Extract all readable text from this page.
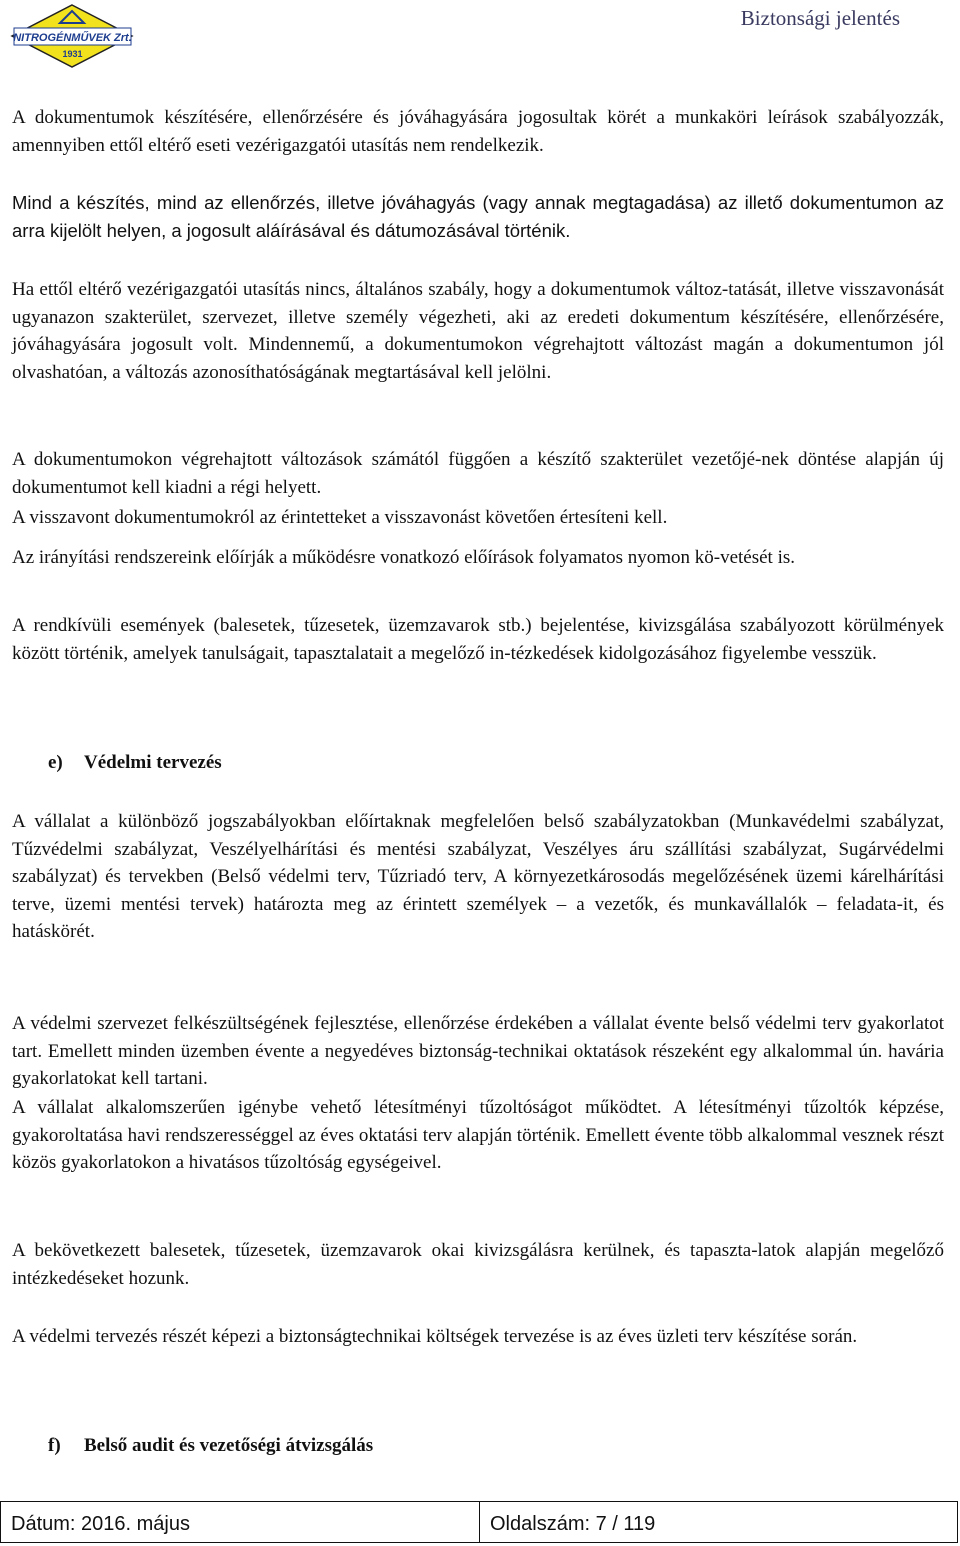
NITROGÉNMŰVEK Zrt.
1931
Biztonsági jelentés

A dokumentumok készítésére, ellenőrzésére és jóváhagyására jogosultak körét a munkaköri leírások szabályozzák, amennyiben ettől eltérő eseti vezérigazgatói utasítás nem rendelkezik.

Mind a készítés, mind az ellenőrzés, illetve jóváhagyás (vagy annak megtagadása) az illető dokumentumon az arra kijelölt helyen, a jogosult aláírásával és dátumozásával történik.

Ha ettől eltérő vezérigazgatói utasítás nincs, általános szabály, hogy a dokumentumok változ-tatását, illetve visszavonását ugyanazon szakterület, szervezet, illetve személy végezheti, aki az eredeti dokumentum készítésére, ellenőrzésére, jóváhagyására jogosult volt. Mindennemű, a dokumentumokon végrehajtott változást magán a dokumentumon jól olvashatóan, a változás azonosíthatóságának megtartásával kell jelölni.

A dokumentumokon végrehajtott változások számától függően a készítő szakterület vezetőjé-nek döntése alapján új dokumentumot kell kiadni a régi helyett.

A visszavont dokumentumokról az érintetteket a visszavonást követően értesíteni kell.

Az irányítási rendszereink előírják a működésre vonatkozó előírások folyamatos nyomon kö-vetését is.

A rendkívüli események (balesetek, tűzesetek, üzemzavarok stb.) bejelentése, kivizsgálása szabályozott körülmények között történik, amelyek tanulságait, tapasztalatait a megelőző in-tézkedések kidolgozásához figyelembe vesszük.

e) Védelmi tervezés

A vállalat a különböző jogszabályokban előírtaknak megfelelően belső szabályzatokban (Munkavédelmi szabályzat, Tűzvédelmi szabályzat, Veszélyelhárítási és mentési szabályzat, Veszélyes áru szállítási szabályzat, Sugárvédelmi szabályzat) és tervekben (Belső védelmi terv, Tűzriadó terv, A környezetkárosodás megelőzésének üzemi kárelhárítási terve, üzemi mentési tervek) határozta meg az érintett személyek – a vezetők, és munkavállalók – feladata-it, és hatáskörét.

A védelmi szervezet felkészültségének fejlesztése, ellenőrzése érdekében a vállalat évente belső védelmi terv gyakorlatot tart. Emellett minden üzemben évente a negyedéves biztonság-technikai oktatások részeként egy alkalommal ún. havária gyakorlatokat kell tartani.

A vállalat alkalomszerűen igénybe vehető létesítményi tűzoltóságot működtet. A létesítményi tűzoltók képzése, gyakoroltatása havi rendszerességgel az éves oktatási terv alapján történik. Emellett évente több alkalommal vesznek részt közös gyakorlatokon a hivatásos tűzoltóság egységeivel.

A bekövetkezett balesetek, tűzesetek, üzemzavarok okai kivizsgálásra kerülnek, és tapaszta-latok alapján megelőző intézkedéseket hozunk.

A védelmi tervezés részét képezi a biztonságtechnikai költségek tervezése is az éves üzleti terv készítése során.

f) Belső audit és vezetőségi átvizsgálás
Dátum: 2016. május	Oldalszám: 7 / 119
